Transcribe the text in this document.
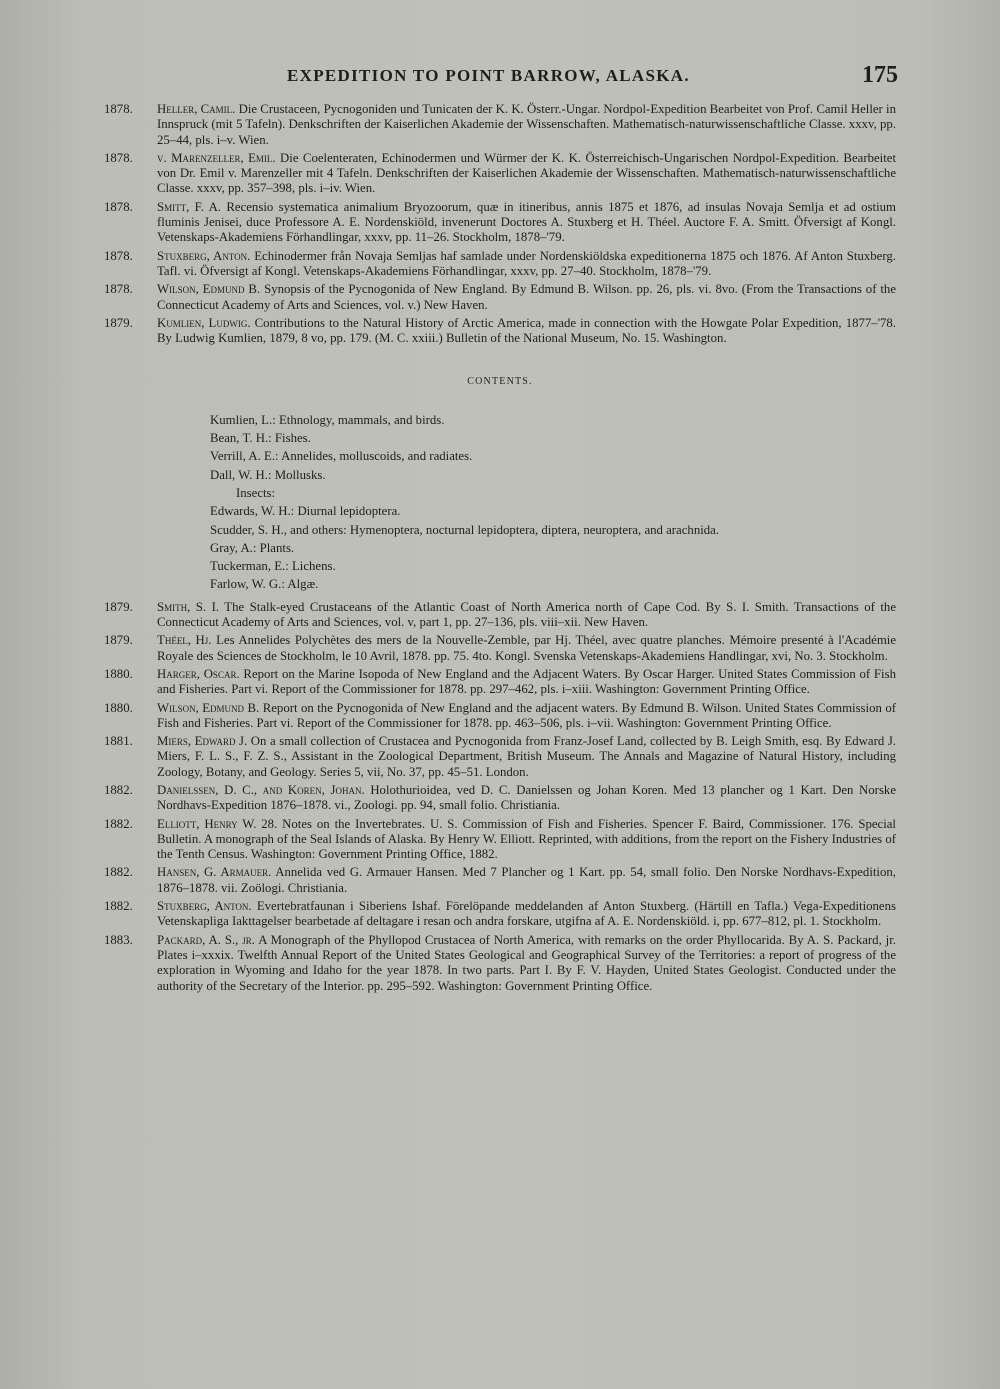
EXPEDITION TO POINT BARROW, ALASKA.	175
1878. Heller, Camil. Die Crustaceen, Pycnogoniden und Tunicaten der K. K. Österr.-Ungar. Nordpol-Expedition Bearbeitet von Prof. Camil Heller in Innspruck (mit 5 Tafeln). Denkschriften der Kaiserlichen Akademie der Wissenschaften. Mathematisch-naturwissenschaftliche Classe. xxxv, pp. 25–44, pls. i–v. Wien.
1878. v. Marenzeller, Emil. Die Coelenteraten, Echinodermen und Würmer der K. K. Österreichisch-Ungarischen Nordpol-Expedition. Bearbeitet von Dr. Emil v. Marenzeller mit 4 Tafeln. Denkschriften der Kaiserlichen Akademie der Wissenschaften. Mathematisch-naturwissenschaftliche Classe. xxxv, pp. 357–398, pls. i–iv. Wien.
1878. Smitt, F. A. Recensio systematica animalium Bryozoorum, quæ in itineribus, annis 1875 et 1876, ad insulas Novaja Semlja et ad ostium fluminis Jenisei, duce Professore A. E. Nordenskiöld, invenerunt Doctores A. Stuxberg et H. Théel. Auctore F. A. Smitt. Öfversigt af Kongl. Vetenskaps-Akademiens Förhandlingar, xxxv, pp. 11–26. Stockholm, 1878–'79.
1878. Stuxberg, Anton. Echinodermer från Novaja Semljas haf samlade under Nordenskiöldska expeditionerna 1875 och 1876. Af Anton Stuxberg. Tafl. vi. Öfversigt af Kongl. Vetenskaps-Akademiens Förhandlingar, xxxv, pp. 27–40. Stockholm, 1878–'79.
1878. Wilson, Edmund B. Synopsis of the Pycnogonida of New England. By Edmund B. Wilson. pp. 26, pls. vi. 8vo. (From the Transactions of the Connecticut Academy of Arts and Sciences, vol. v.) New Haven.
1879. Kumlien, Ludwig. Contributions to the Natural History of Arctic America, made in connection with the Howgate Polar Expedition, 1877–'78. By Ludwig Kumlien, 1879, 8 vo, pp. 179. (M. C. xxiii.) Bulletin of the National Museum, No. 15. Washington.
CONTENTS.
Kumlien, L.: Ethnology, mammals, and birds.
Bean, T. H.: Fishes.
Verrill, A. E.: Annelides, molluscoids, and radiates.
Dall, W. H.: Mollusks.
Insects:
Edwards, W. H.: Diurnal lepidoptera.
Scudder, S. H., and others: Hymenoptera, nocturnal lepidoptera, diptera, neuroptera, and arachnida.
Gray, A.: Plants.
Tuckerman, E.: Lichens.
Farlow, W. G.: Algæ.
1879. Smith, S. I. The Stalk-eyed Crustaceans of the Atlantic Coast of North America north of Cape Cod. By S. I. Smith. Transactions of the Connecticut Academy of Arts and Sciences, vol. v, part 1, pp. 27–136, pls. viii–xii. New Haven.
1879. Théel, Hj. Les Annelides Polychètes des mers de la Nouvelle-Zemble, par Hj. Théel, avec quatre planches. Mémoire presenté à l'Académie Royale des Sciences de Stockholm, le 10 Avril, 1878. pp. 75. 4to. Kongl. Svenska Vetenskaps-Akademiens Handlingar, xvi, No. 3. Stockholm.
1880. Harger, Oscar. Report on the Marine Isopoda of New England and the Adjacent Waters. By Oscar Harger. United States Commission of Fish and Fisheries. Part vi. Report of the Commissioner for 1878. pp. 297–462, pls. i–xiii. Washington: Government Printing Office.
1880. Wilson, Edmund B. Report on the Pycnogonida of New England and the adjacent waters. By Edmund B. Wilson. United States Commission of Fish and Fisheries. Part vi. Report of the Commissioner for 1878. pp. 463–506, pls. i–vii. Washington: Government Printing Office.
1881. Miers, Edward J. On a small collection of Crustacea and Pycnogonida from Franz-Josef Land, collected by B. Leigh Smith, esq. By Edward J. Miers, F. L. S., F. Z. S., Assistant in the Zoological Department, British Museum. The Annals and Magazine of Natural History, including Zoology, Botany, and Geology. Series 5, vii, No. 37, pp. 45–51. London.
1882. Danielssen, D. C., and Koren, Johan. Holothurioidea, ved D. C. Danielssen og Johan Koren. Med 13 plancher og 1 Kart. Den Norske Nordhavs-Expedition 1876–1878. vi., Zoologi. pp. 94, small folio. Christiania.
1882. Elliott, Henry W. 28. Notes on the Invertebrates. U. S. Commission of Fish and Fisheries. Spencer F. Baird, Commissioner. 176. Special Bulletin. A monograph of the Seal Islands of Alaska. By Henry W. Elliott. Reprinted, with additions, from the report on the Fishery Industries of the Tenth Census. Washington: Government Printing Office, 1882.
1882. Hansen, G. Armauer. Annelida ved G. Armauer Hansen. Med 7 Plancher og 1 Kart. pp. 54, small folio. Den Norske Nordhavs-Expedition, 1876–1878. vii. Zoölogi. Christiania.
1882. Stuxberg, Anton. Evertebratfaunan i Siberiens Ishaf. Förelöpande meddelanden af Anton Stuxberg. (Härtill en Tafla.) Vega-Expeditionens Vetenskapliga Iakttagelser bearbetade af deltagare i resan och andra forskare, utgifna af A. E. Nordenskiöld. i, pp. 677–812, pl. 1. Stockholm.
1883. Packard, A. S., jr. A Monograph of the Phyllopod Crustacea of North America, with remarks on the order Phyllocarida. By A. S. Packard, jr. Plates i–xxxix. Twelfth Annual Report of the United States Geological and Geographical Survey of the Territories: a report of progress of the exploration in Wyoming and Idaho for the year 1878. In two parts. Part I. By F. V. Hayden, United States Geologist. Conducted under the authority of the Secretary of the Interior. pp. 295–592. Washington: Government Printing Office.
